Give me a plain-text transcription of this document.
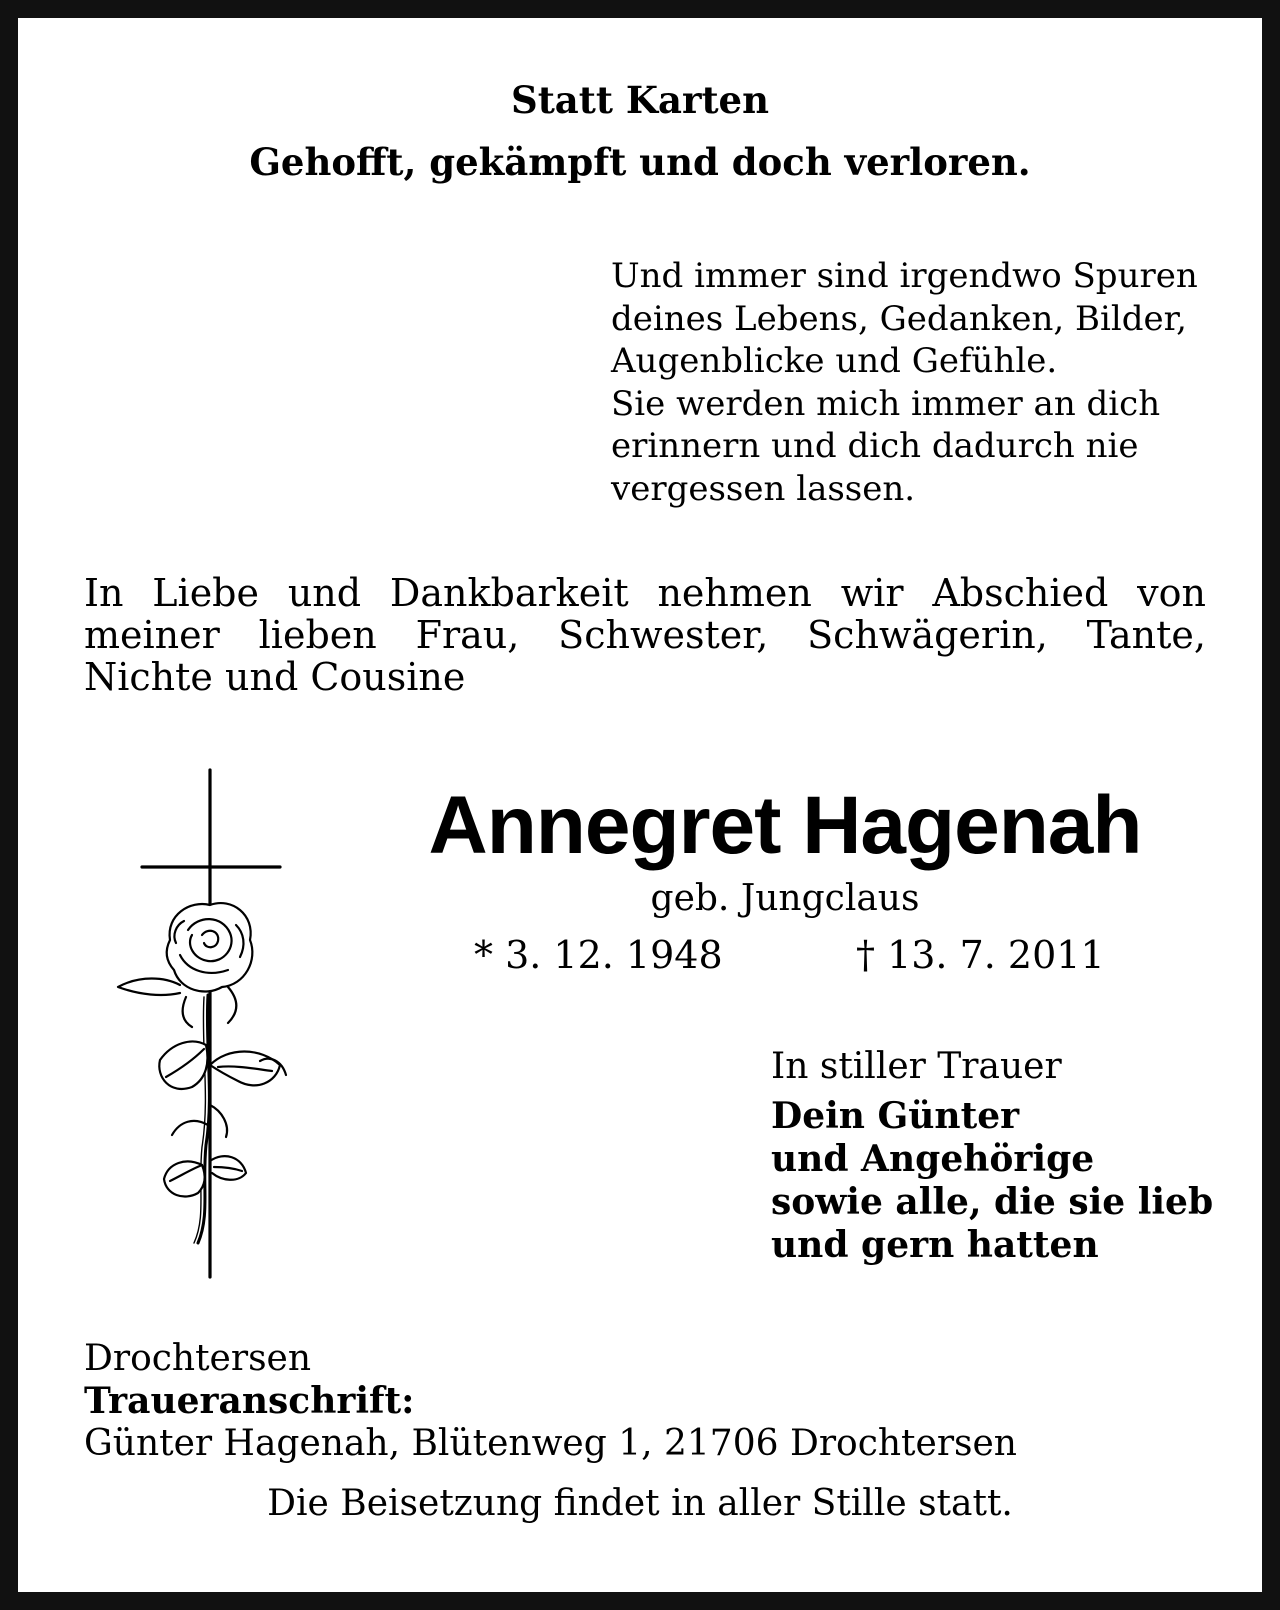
Statt Karten
Gehofft, gekämpft und doch verloren.
Und immer sind irgendwo Spuren
deines Lebens, Gedanken, Bilder,
Augenblicke und Gefühle.
Sie werden mich immer an dich
erinnern und dich dadurch nie
vergessen lassen.
In Liebe und Dankbarkeit nehmen wir Abschied von
meiner lieben Frau, Schwester, Schwägerin, Tante,
Nichte und Cousine
Annegret Hagenah
geb. Jungclaus
* 3. 12. 1948	† 13. 7. 2011
In stiller Trauer
Dein Günter
und Angehörige
sowie alle, die sie lieb
und gern hatten
Drochtersen
Traueranschrift:
Günter Hagenah, Blütenweg 1, 21706 Drochtersen
Die Beisetzung findet in aller Stille statt.
